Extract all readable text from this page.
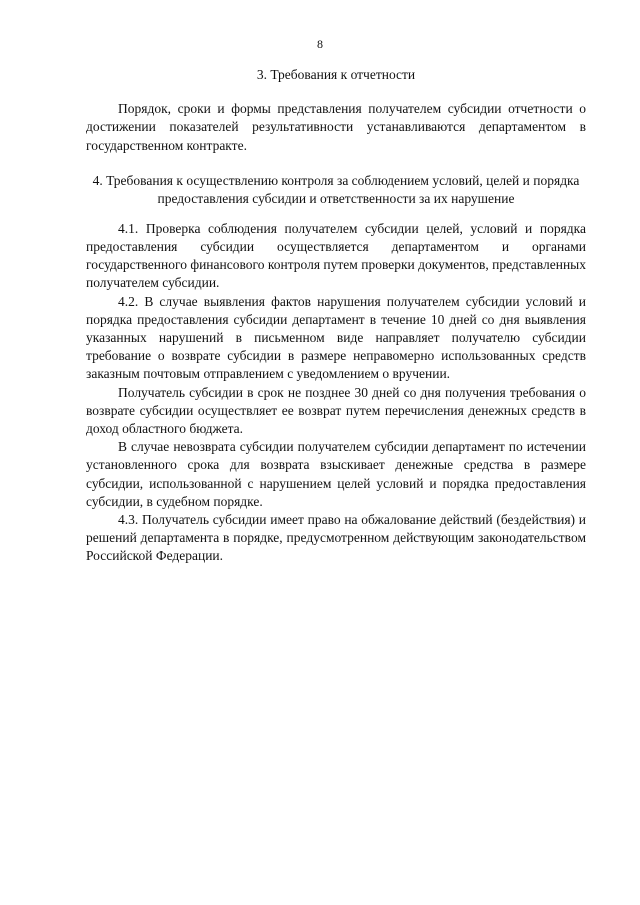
8

3. Требования к отчетности

Порядок, сроки и формы представления получателем субсидии отчетности о достижении показателей результативности устанавливаются департаментом в государственном контракте.

4. Требования к осуществлению контроля за соблюдением условий, целей и порядка предоставления субсидии и ответственности за их нарушение

4.1. Проверка соблюдения получателем субсидии целей, условий и порядка предоставления субсидии осуществляется департаментом и органами государственного финансового контроля путем проверки документов, представленных получателем субсидии.

4.2. В случае выявления фактов нарушения получателем субсидии условий и порядка предоставления субсидии департамент в течение 10 дней со дня выявления указанных нарушений в письменном виде направляет получателю субсидии требование о возврате субсидии в размере неправомерно использованных средств заказным почтовым отправлением с уведомлением о вручении.

Получатель субсидии в срок не позднее 30 дней со дня получения требования о возврате субсидии осуществляет ее возврат путем перечисления денежных средств в доход областного бюджета.

В случае невозврата субсидии получателем субсидии департамент по истечении установленного срока для возврата взыскивает денежные средства в размере субсидии, использованной с нарушением целей условий и порядка предоставления субсидии, в судебном порядке.

4.3. Получатель субсидии имеет право на обжалование действий (бездействия) и решений департамента в порядке, предусмотренном действующим законодательством Российской Федерации.
